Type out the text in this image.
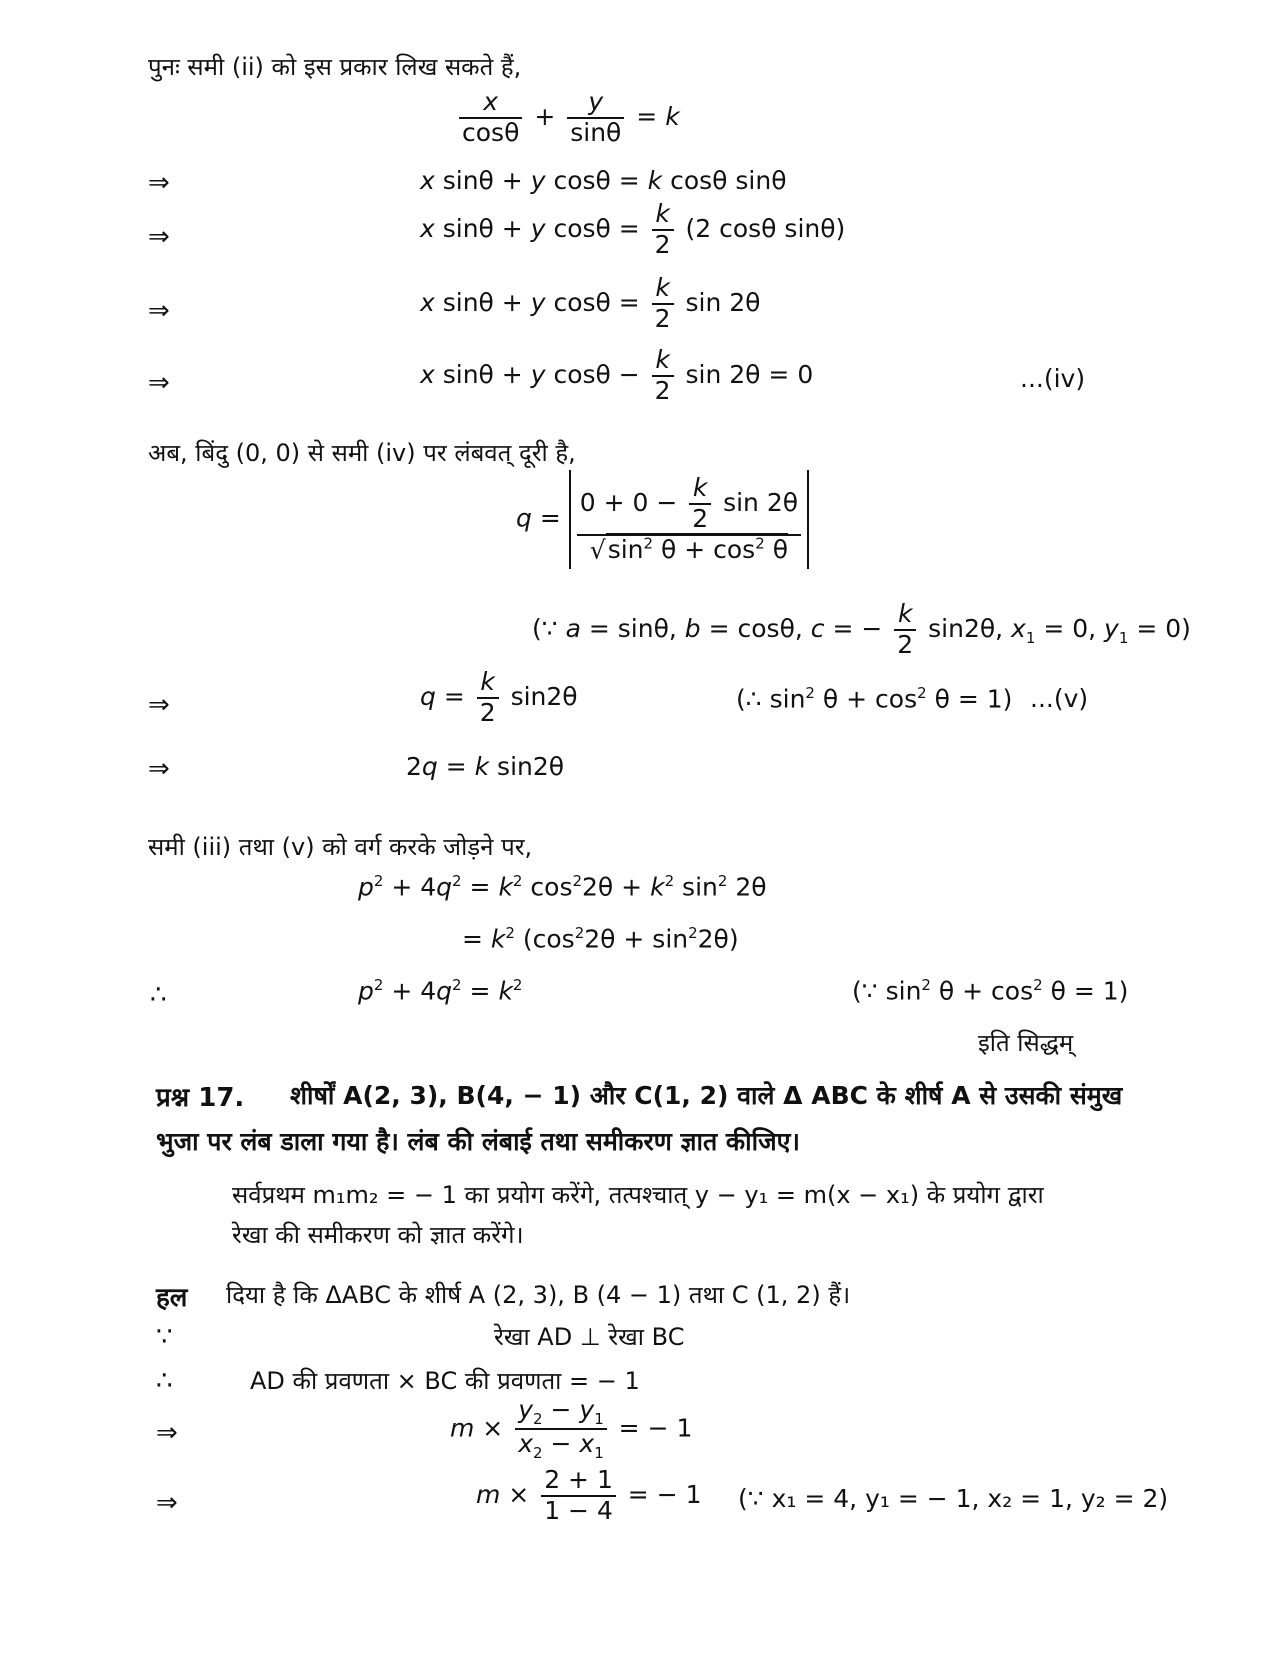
पुनः समी (ii) को इस प्रकार लिख सकते हैं,
$\frac{x}{\cos\theta} + \frac{y}{\sin\theta} = k$
⇒	x sinθ + y cosθ = k cosθ sinθ
⇒	x sinθ + y $\cos\theta = \frac{k}{2} (2$ cosθ sinθ)
⇒	x sinθ + y $\cos\theta = \frac{k}{2}$ sin 2θ
⇒	x sinθ + y $\cos\theta - \frac{k}{2}$ sin 2θ = 0	...(iv)
अब, बिंदु (0, 0) से समी (iv) पर लंबवत् दूरी है,
$q = \frac{0 + 0 - \frac{k}{2} \sin 2\theta}{√\sin^2 \theta + \cos^2 \theta}$
(∵ a = sinθ, b = cosθ, c = − $\frac{k}{2} \sin 2\theta$, $x_1 = 0$, $y_1 = 0$)
⇒	$q = \frac{k}{2} \sin 2\theta$	(∴ $\sin^2 \theta + \cos^2 \theta = 1$) ...(v)
⇒	2q = k sin2θ
समी (iii) तथा (v) को वर्ग करके जोड़ने पर,
$p^2 + 4q^2 = k^2$ $\cos^22\theta + k^2$ $\sin^2 2\theta$
= $k^2$ $(\cos^22\theta + \sin^22\theta)$
∴	$p^2 + 4q^2 = k^2$	(∵ $\sin^2 \theta + \cos^2 \theta = 1$)
इति सिद्धम्
प्रश्न 17. शीर्षों A(2, 3), B(4, − 1) और C(1, 2) वाले Δ ABC के शीर्ष A से उसकी संमुख
भुजा पर लंब डाला गया है। लंब की लंबाई तथा समीकरण ज्ञात कीजिए।
सर्वप्रथम m₁m₂ = − 1 का प्रयोग करेंगे, तत्पश्चात् y − y₁ = m(x − x₁) के प्रयोग द्वारा
रेखा की समीकरण को ज्ञात करेंगे।
हल दिया है कि ΔABC के शीर्ष A (2, 3), B (4 − 1) तथा C (1, 2) हैं।
∵	रेखा AD ⊥ रेखा BC
∴	AD की प्रवणता × BC की प्रवणता = − 1
⇒	$m \times \frac{y_2 - y_1}{x_2 - x_1}$ = − 1
⇒	$m \times \frac{2 + 1}{1 - 4}$ = − 1 (∵ x₁ = 4, y₁ = − 1, x₂ = 1, y₂ = 2)
